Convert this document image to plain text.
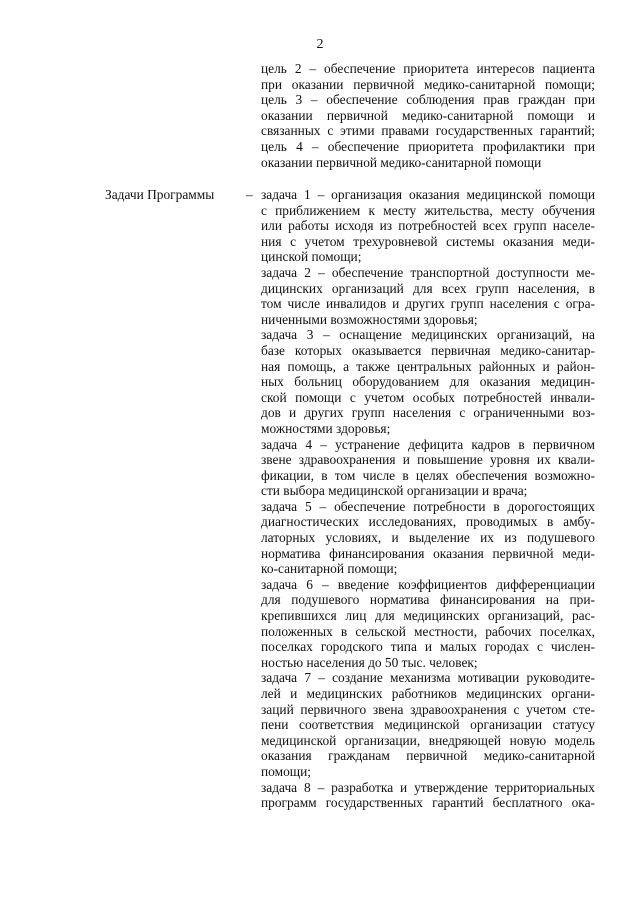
2
цель 2 – обеспечение приоритета интересов пациента
при оказании первичной медико-санитарной помощи;
цель 3 – обеспечение соблюдения прав граждан при
оказании первичной медико-санитарной помощи и
связанных с этими правами государственных гарантий;
цель 4 – обеспечение приоритета профилактики при
оказании первичной медико-санитарной помощи
Задачи Программы – задача 1 – организация оказания медицинской помощи
с приближением к месту жительства, месту обучения
или работы исходя из потребностей всех групп населе-
ния с учетом трехуровневой системы оказания меди-
цинской помощи;
задача 2 – обеспечение транспортной доступности ме-
дицинских организаций для всех групп населения, в
том числе инвалидов и других групп населения с огра-
ниченными возможностями здоровья;
задача 3 – оснащение медицинских организаций, на
базе которых оказывается первичная медико-санитар-
ная помощь, а также центральных районных и район-
ных больниц оборудованием для оказания медицин-
ской помощи с учетом особых потребностей инвали-
дов и других групп населения с ограниченными воз-
можностями здоровья;
задача 4 – устранение дефицита кадров в первичном
звене здравоохранения и повышение уровня их квали-
фикации, в том числе в целях обеспечения возможно-
сти выбора медицинской организации и врача;
задача 5 – обеспечение потребности в дорогостоящих
диагностических исследованиях, проводимых в амбу-
латорных условиях, и выделение их из подушевого
норматива финансирования оказания первичной меди-
ко-санитарной помощи;
задача 6 – введение коэффициентов дифференциации
для подушевого норматива финансирования на при-
крепившихся лиц для медицинских организаций, рас-
положенных в сельской местности, рабочих поселках,
поселках городского типа и малых городах с числен-
ностью населения до 50 тыс. человек;
задача 7 – создание механизма мотивации руководите-
лей и медицинских работников медицинских органи-
заций первичного звена здравоохранения с учетом сте-
пени соответствия медицинской организации статусу
медицинской организации, внедряющей новую модель
оказания гражданам первичной медико-санитарной
помощи;
задача 8 – разработка и утверждение территориальных
программ государственных гарантий бесплатного ока-
